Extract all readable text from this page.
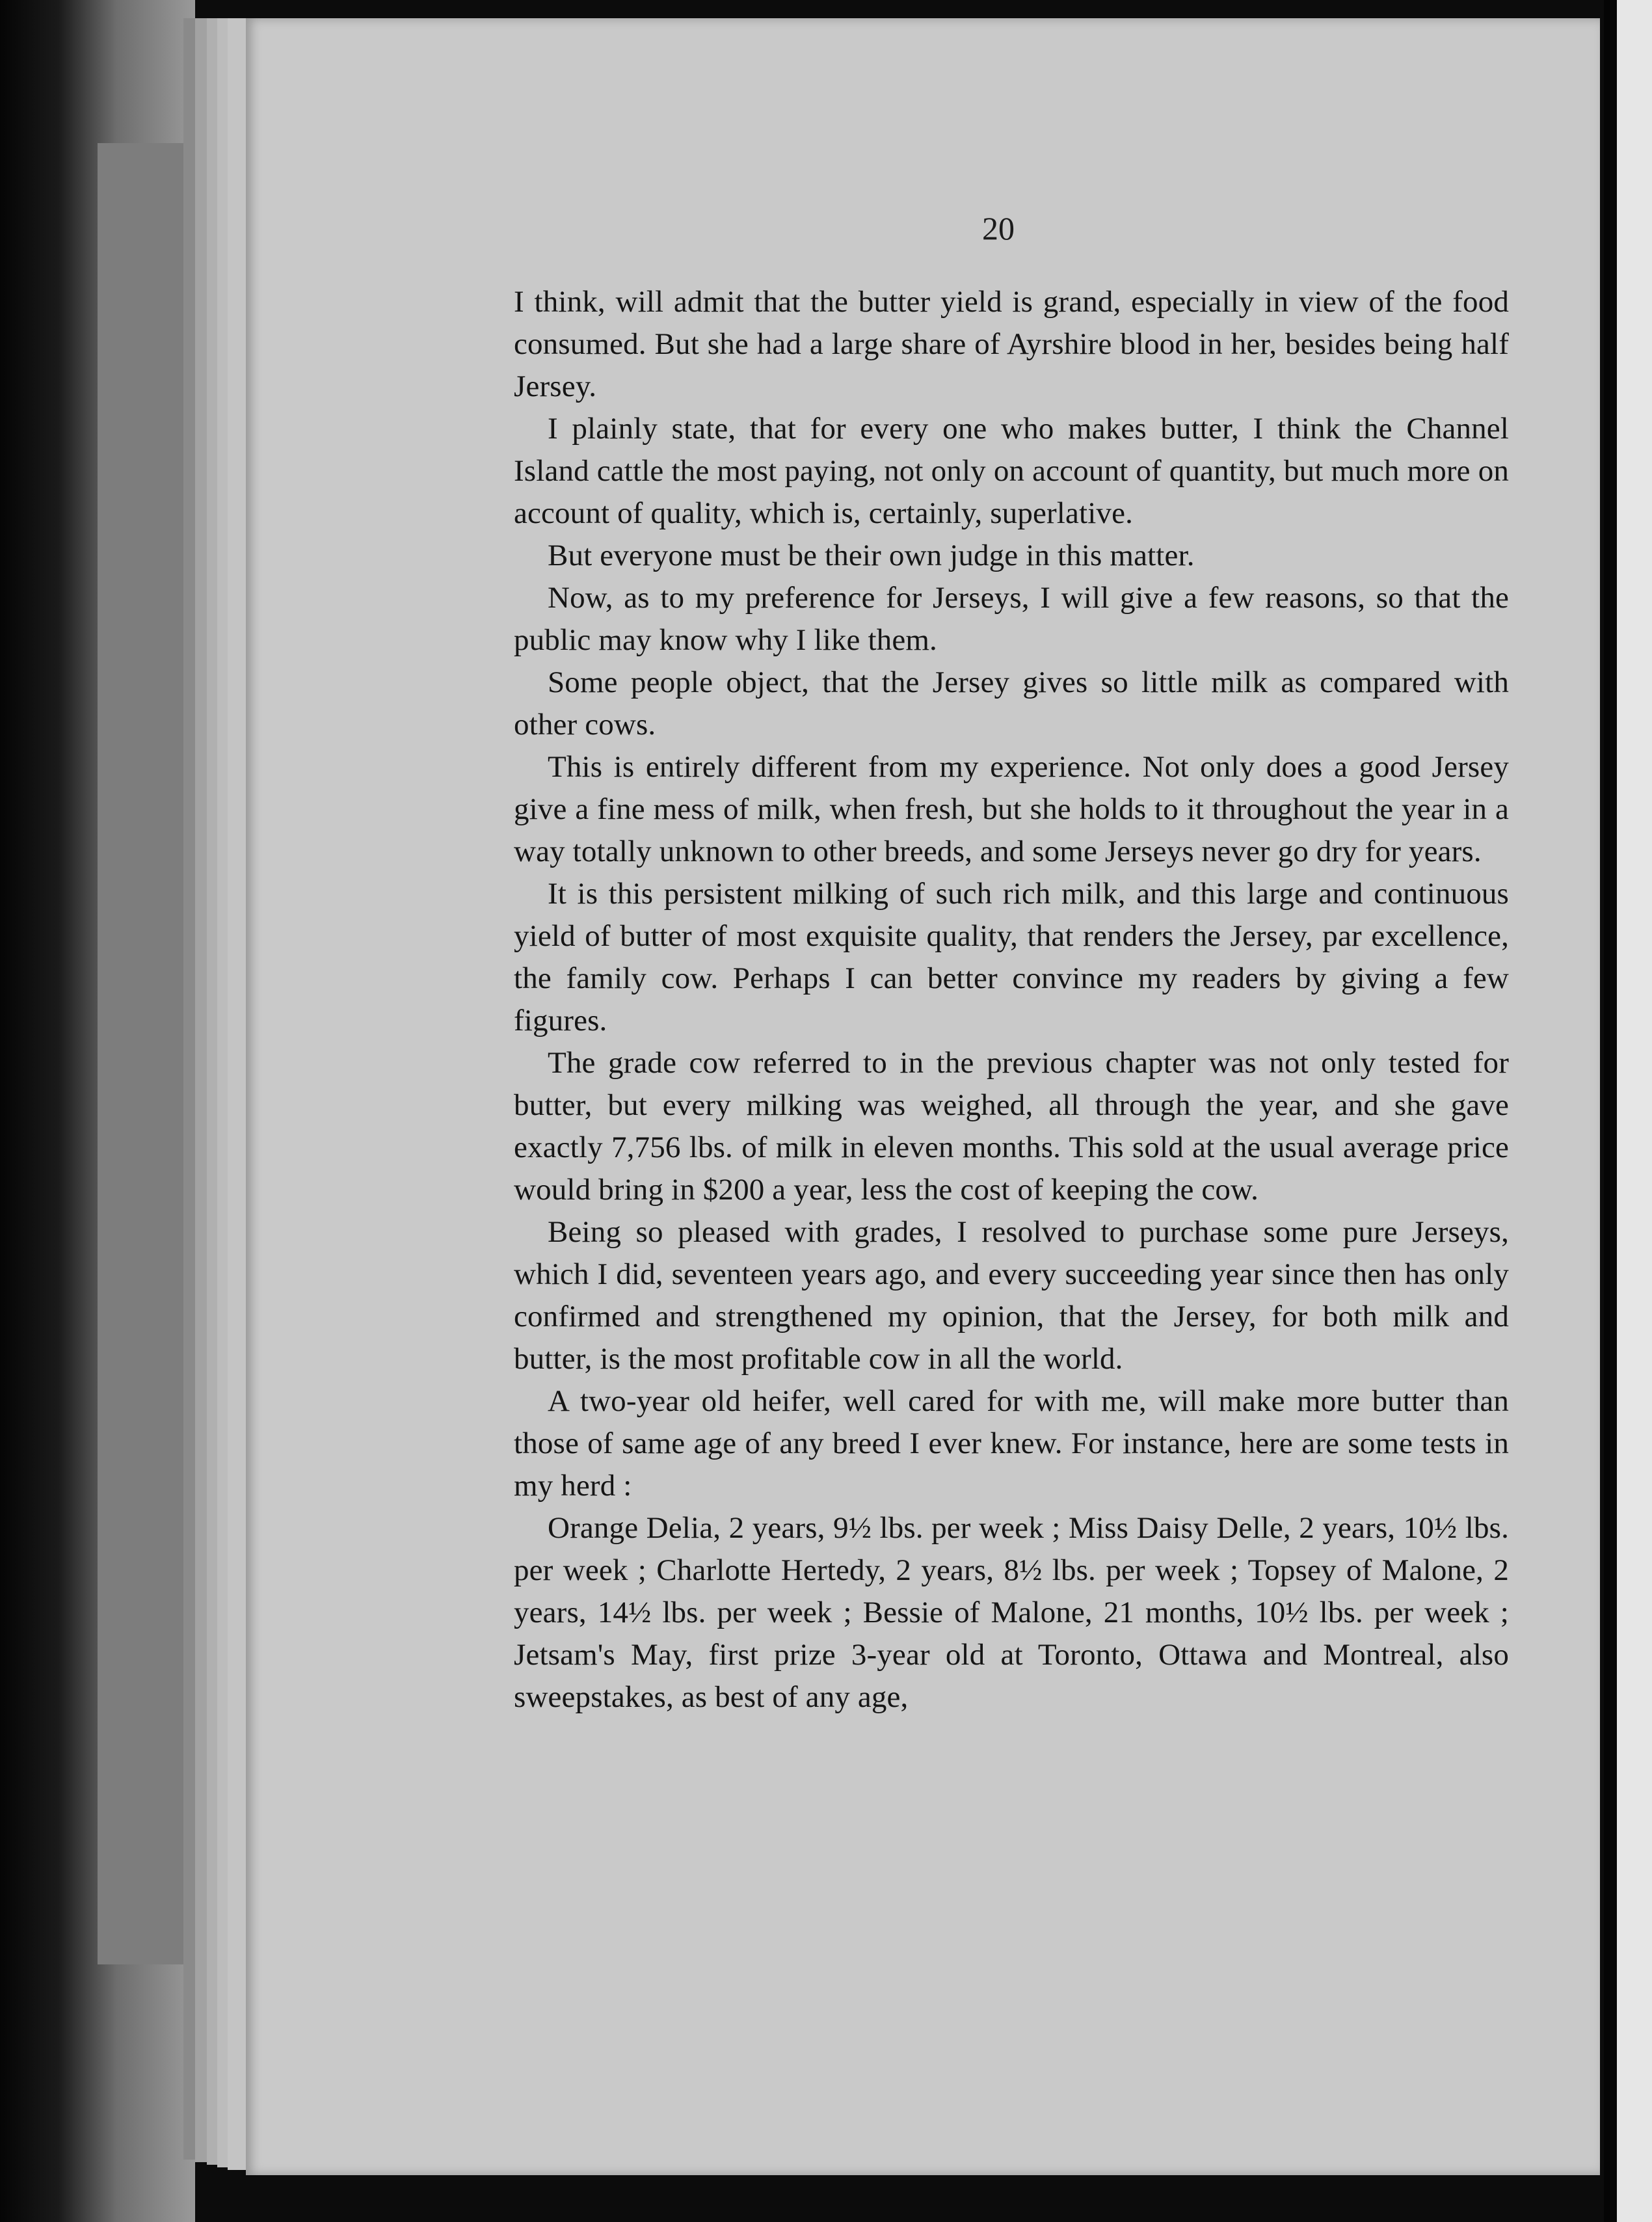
20

I think, will admit that the butter yield is grand, especially in view of the food consumed. But she had a large share of Ayrshire blood in her, besides being half Jersey.

I plainly state, that for every one who makes butter, I think the Channel Island cattle the most paying, not only on account of quantity, but much more on account of quality, which is, certainly, superlative.

But everyone must be their own judge in this matter.

Now, as to my preference for Jerseys, I will give a few reasons, so that the public may know why I like them.

Some people object, that the Jersey gives so little milk as compared with other cows.

This is entirely different from my experience. Not only does a good Jersey give a fine mess of milk, when fresh, but she holds to it throughout the year in a way totally unknown to other breeds, and some Jerseys never go dry for years.

It is this persistent milking of such rich milk, and this large and continuous yield of butter of most exquisite quality, that renders the Jersey, par excellence, the family cow. Perhaps I can better convince my readers by giving a few figures.

The grade cow referred to in the previous chapter was not only tested for butter, but every milking was weighed, all through the year, and she gave exactly 7,756 lbs. of milk in eleven months. This sold at the usual average price would bring in $200 a year, less the cost of keeping the cow.

Being so pleased with grades, I resolved to purchase some pure Jerseys, which I did, seventeen years ago, and every succeeding year since then has only confirmed and strengthened my opinion, that the Jersey, for both milk and butter, is the most profitable cow in all the world.

A two-year old heifer, well cared for with me, will make more butter than those of same age of any breed I ever knew. For instance, here are some tests in my herd :

Orange Delia, 2 years, 9½ lbs. per week ; Miss Daisy Delle, 2 years, 10½ lbs. per week ; Charlotte Hertedy, 2 years, 8½ lbs. per week ; Topsey of Malone, 2 years, 14½ lbs. per week ; Bessie of Malone, 21 months, 10½ lbs. per week ; Jetsam's May, first prize 3-year old at Toronto, Ottawa and Montreal, also sweepstakes, as best of any age,
